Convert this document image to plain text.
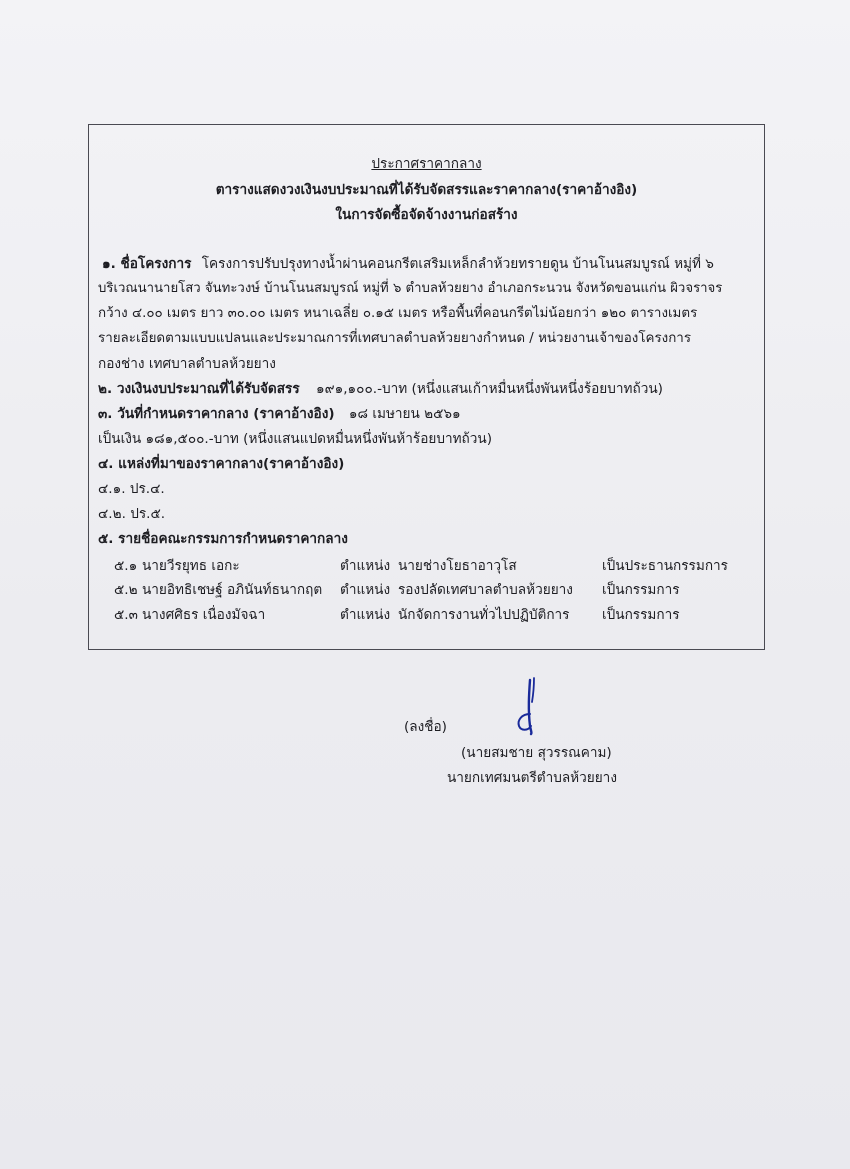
ประกาศราคากลาง
ตารางแสดงวงเงินงบประมาณที่ได้รับจัดสรรและราคากลาง(ราคาอ้างอิง)
ในการจัดซื้อจัดจ้างงานก่อสร้าง
๑. ชื่อโครงการ โครงการปรับปรุงทางน้ำผ่านคอนกรีตเสริมเหล็กลำห้วยทรายดูน บ้านโนนสมบูรณ์ หมู่ที่ ๖
บริเวณนานายโสว จันทะวงษ์ บ้านโนนสมบูรณ์ หมู่ที่ ๖ ตำบลห้วยยาง อำเภอกระนวน จังหวัดขอนแก่น ผิวจราจร
กว้าง ๔.๐๐ เมตร ยาว ๓๐.๐๐ เมตร หนาเฉลี่ย ๐.๑๕ เมตร หรือพื้นที่คอนกรีตไม่น้อยกว่า ๑๒๐ ตารางเมตร
รายละเอียดตามแบบแปลนและประมาณการที่เทศบาลตำบลห้วยยางกำหนด / หน่วยงานเจ้าของโครงการ
กองช่าง เทศบาลตำบลห้วยยาง
๒. วงเงินงบประมาณที่ได้รับจัดสรร ๑๙๑,๑๐๐.-บาท (หนึ่งแสนเก้าหมื่นหนึ่งพันหนึ่งร้อยบาทถ้วน)
๓. วันที่กำหนดราคากลาง (ราคาอ้างอิง) ๑๘ เมษายน ๒๕๖๑
เป็นเงิน ๑๘๑,๕๐๐.-บาท (หนึ่งแสนแปดหมื่นหนึ่งพันห้าร้อยบาทถ้วน)
๔. แหล่งที่มาของราคากลาง(ราคาอ้างอิง)
๔.๑. ปร.๔.
๔.๒. ปร.๕.
๕. รายชื่อคณะกรรมการกำหนดราคากลาง
๕.๑ นายวีรยุทธ เอกะ	ตำแหน่ง นายช่างโยธาอาวุโส	เป็นประธานกรรมการ
๕.๒ นายอิทธิเชษฐ์ อภินันท์ธนากฤต ตำแหน่ง รองปลัดเทศบาลตำบลห้วยยาง เป็นกรรมการ
๕.๓ นางศศิธร เนื่องมัจฉา	ตำแหน่ง นักจัดการงานทั่วไปปฏิบัติการ เป็นกรรมการ
(ลงชื่อ)
(นายสมชาย สุวรรณคาม)
นายกเทศมนตรีตำบลห้วยยาง
